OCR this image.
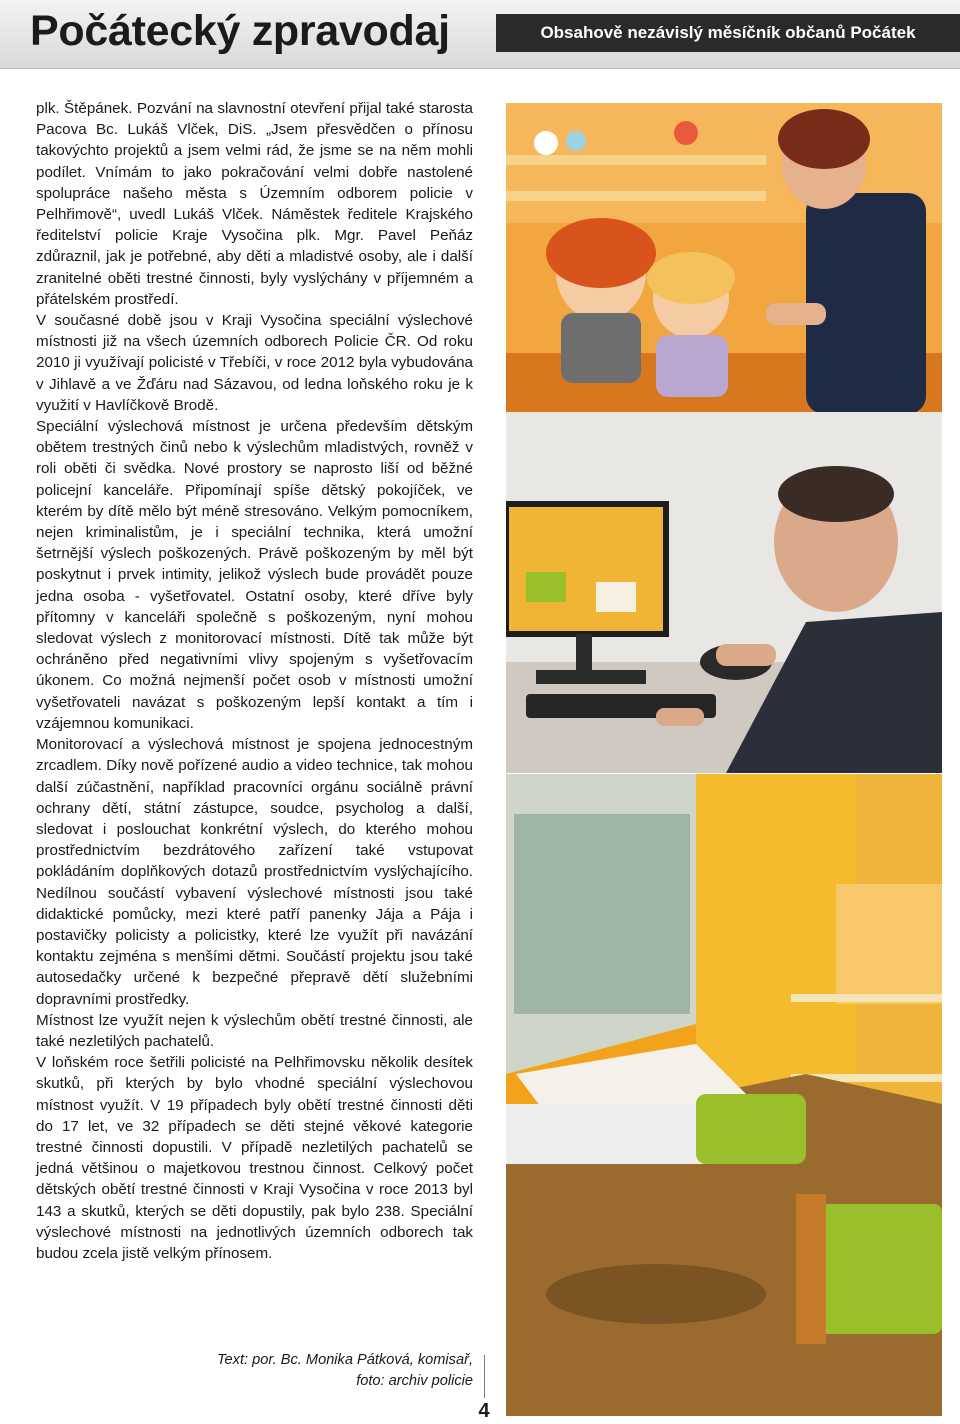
Počátecký zpravodaj	Obsahově nezávislý měsíčník občanů Počátek

plk. Štěpánek. Pozvání na slavnostní otevření přijal také starosta Pacova Bc. Lukáš Vlček, DiS. „Jsem přesvědčen o přínosu takovýchto projektů a jsem velmi rád, že jsme se na něm mohli podílet. Vnímám to jako pokračování velmi dobře nastolené spolupráce našeho města s Územním odborem policie v Pelhřimově“, uvedl Lukáš Vlček. Náměstek ředitele Krajského ředitelství policie Kraje Vysočina plk. Mgr. Pavel Peňáz zdůraznil, jak je potřebné, aby děti a mladistvé osoby, ale i další zranitelné oběti trestné činnosti, byly vyslýchány v příjemném a přátelském prostředí.

V současné době jsou v Kraji Vysočina speciální výslechové místnosti již na všech územních odborech Policie ČR. Od roku 2010 ji využívají policisté v Třebíči, v roce 2012 byla vybudována v Jihlavě a ve Žďáru nad Sázavou, od ledna loňského roku je k využití v Havlíčkově Brodě.

Speciální výslechová místnost je určena především dětským obětem trestných činů nebo k výslechům mladistvých, rovněž v roli oběti či svědka. Nové prostory se naprosto liší od běžné policejní kanceláře. Připomínají spíše dětský pokojíček, ve kterém by dítě mělo být méně stresováno. Velkým pomocníkem, nejen kriminalistům, je i speciální technika, která umožní šetrnější výslech poškozených. Právě poškozeným by měl být poskytnut i prvek intimity, jelikož výslech bude provádět pouze jedna osoba - vyšetřovatel. Ostatní osoby, které dříve byly přítomny v kanceláři společně s poškozeným, nyní mohou sledovat výslech z monitorovací místnosti. Dítě tak může být ochráněno před negativními vlivy spojeným s vyšetřovacím úkonem. Co možná nejmenší počet osob v místnosti umožní vyšetřovateli navázat s poškozeným lepší kontakt a tím i vzájemnou komunikaci.

Monitorovací a výslechová místnost je spojena jednocestným zrcadlem. Díky nově pořízené audio a video technice, tak mohou další zúčastnění, například pracovníci orgánu sociálně právní ochrany dětí, státní zástupce, soudce, psycholog a další, sledovat i poslouchat konkrétní výslech, do kterého mohou prostřednictvím bezdrátového zařízení také vstupovat pokládáním doplňkových dotazů prostřednictvím vyslýchajícího. Nedílnou součástí vybavení výslechové místnosti jsou také didaktické pomůcky, mezi které patří panenky Jája a Pája i postavičky policisty a policistky, které lze využít při navázání kontaktu zejména s menšími dětmi. Součástí projektu jsou také autosedačky určené k bezpečné přepravě dětí služebními dopravními prostředky.

Místnost lze využít nejen k výslechům obětí trestné činnosti, ale také nezletilých pachatelů.

V loňském roce šetřili policisté na Pelhřimovsku několik desítek skutků, při kterých by bylo vhodné speciální výslechovou místnost využít. V 19 případech byly obětí trestné činnosti děti do 17 let, ve 32 případech se děti stejné věkové kategorie trestné činnosti dopustili. V případě nezletilých pachatelů se jedná většinou o majetkovou trestnou činnost. Celkový počet dětských obětí trestné činnosti v Kraji Vysočina v roce 2013 byl 143 a skutků, kterých se děti dopustily, pak bylo 238. Speciální výslechové místnosti na jednotlivých územních odborech tak budou zcela jistě velkým přínosem.

Text: por. Bc. Monika Pátková, komisař,
foto: archiv policie
4
